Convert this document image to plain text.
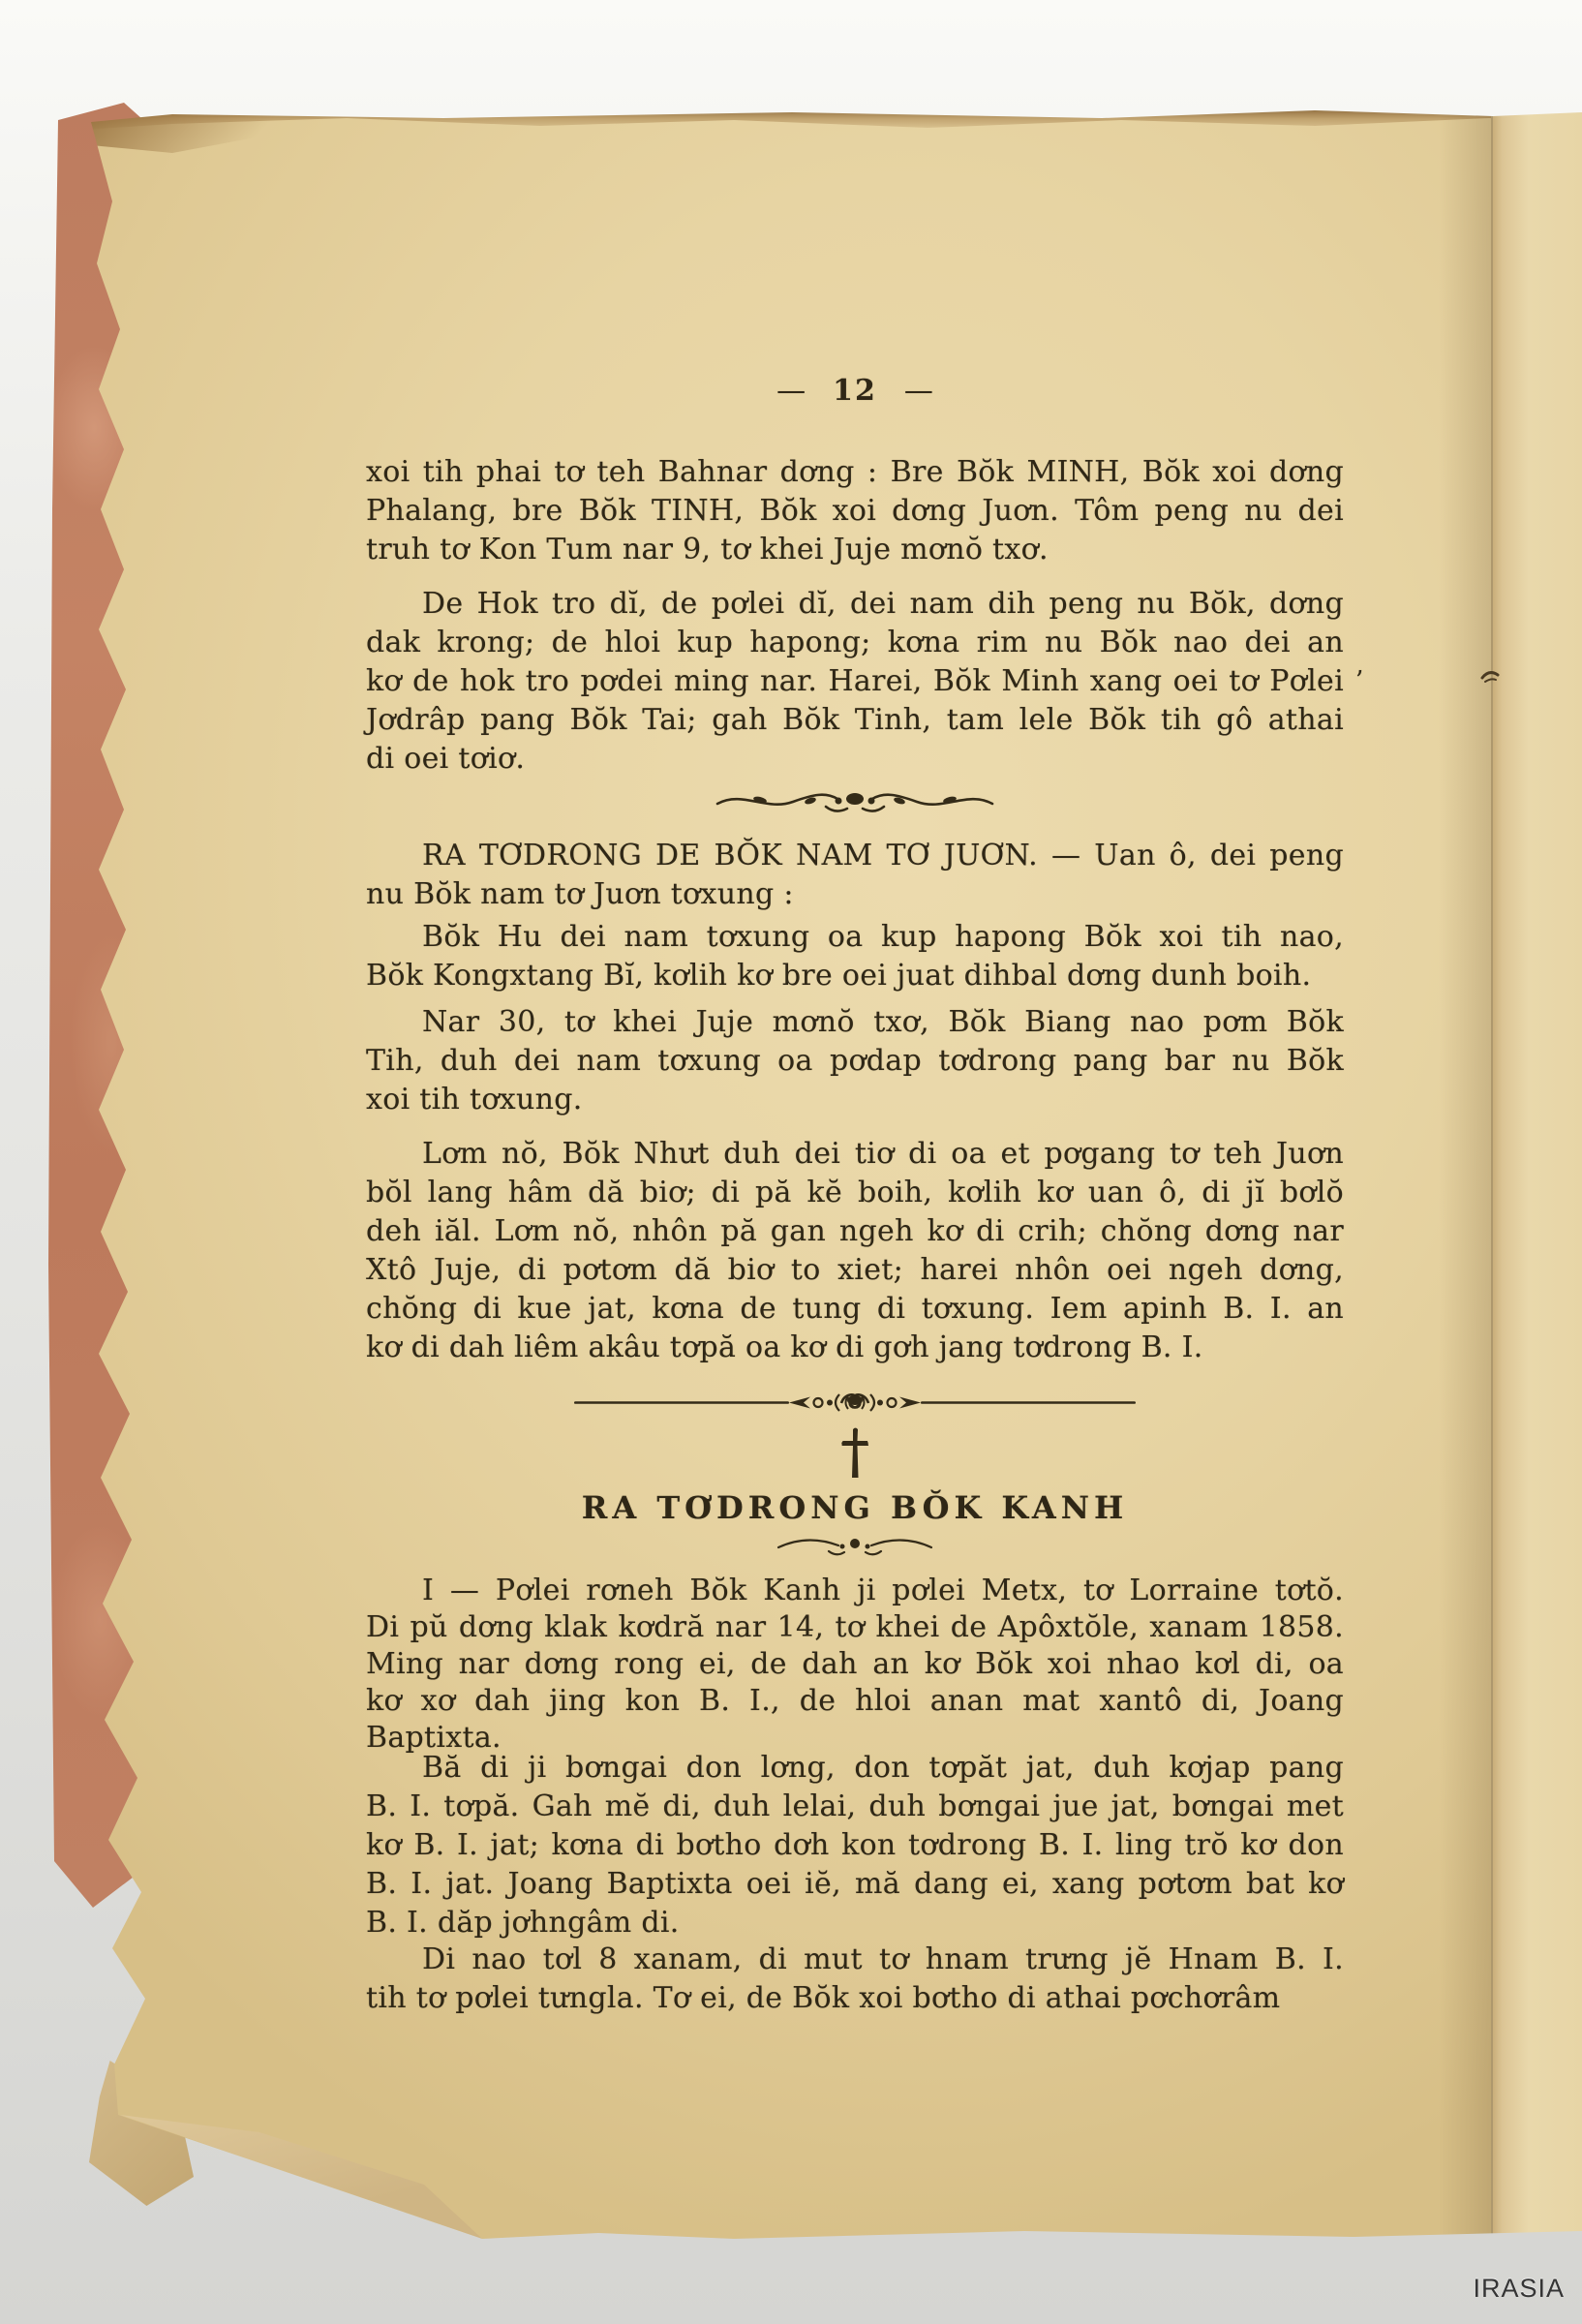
— 12 —
xoi tih phai tơ teh Bahnar dơng : Bre Bŏk MINH, Bŏk xoi dơng
Phalang, bre Bŏk TINH, Bŏk xoi dơng Juơn. Tôm peng nu dei
truh tơ Kon Tum nar 9, tơ khei Juje mơnŏ txơ.
De Hok tro dĭ, de pơlei dĭ, dei nam dih peng nu Bŏk, dơng
dak krong; de hloi kup hapong; kơna rim nu Bŏk nao dei an
kơ de hok tro pơdei ming nar. Harei, Bŏk Minh xang oei tơ Pơlei
Jơdrâp pang Bŏk Tai; gah Bŏk Tinh, tam lele Bŏk tih gô athai
di oei tơiơ.
RA TƠDRONG DE BŎK NAM TƠ JUƠN. — Uan ô, dei peng
nu Bŏk nam tơ Juơn tơxung :
Bŏk Hu dei nam tơxung oa kup hapong Bŏk xoi tih nao,
Bŏk Kongxtang Bĭ, kơlih kơ bre oei juat dihbal dơng dunh boih.
Nar 30, tơ khei Juje mơnŏ txơ, Bŏk Biang nao pơm Bŏk
Tih, duh dei nam tơxung oa pơdap tơdrong pang bar nu Bŏk
xoi tih tơxung.
Lơm nŏ, Bŏk Nhưt duh dei tiơ di oa et pơgang tơ teh Juơn
bŏl lang hâm dă biơ; di pă kĕ boih, kơlih kơ uan ô, di jĭ bơlŏ
deh iăl. Lơm nŏ, nhôn pă gan ngeh kơ di crih; chŏng dơng nar
Xtô Juje, di pơtơm dă biơ to xiet; harei nhôn oei ngeh dơng,
chŏng di kue jat, kơna de tung di tơxung. Iem apinh B. I. an
kơ di dah liêm akâu tơpă oa kơ di gơh jang tơdrong B. I.
RA TƠDRONG BŎK KANH
I — Pơlei rơneh Bŏk Kanh ji pơlei Metx, tơ Lorraine tơtŏ.
Di pŭ dơng klak kơdră nar 14, tơ khei de Apôxtŏle, xanam 1858.
Ming nar dơng rong ei, de dah an kơ Bŏk xoi nhao kơl di, oa
kơ xơ dah jing kon B. I., de hloi anan mat xantô di, Joang
Baptixta.
Bă di ji bơngai don lơng, don tơpăt jat, duh kơjap pang
B. I. tơpă. Gah mĕ di, duh lelai, duh bơngai jue jat, bơngai met
kơ B. I. jat; kơna di bơtho dơh kon tơdrong B. I. ling trŏ kơ don
B. I. jat. Joang Baptixta oei iĕ, mă dang ei, xang pơtơm bat kơ
B. I. dăp jơhngâm di.
Di nao tơl 8 xanam, di mut tơ hnam trưng jĕ Hnam B. I.
tih tơ pơlei tưngla. Tơ ei, de Bŏk xoi bơtho di athai pơchơrâm
’
IRASIA
